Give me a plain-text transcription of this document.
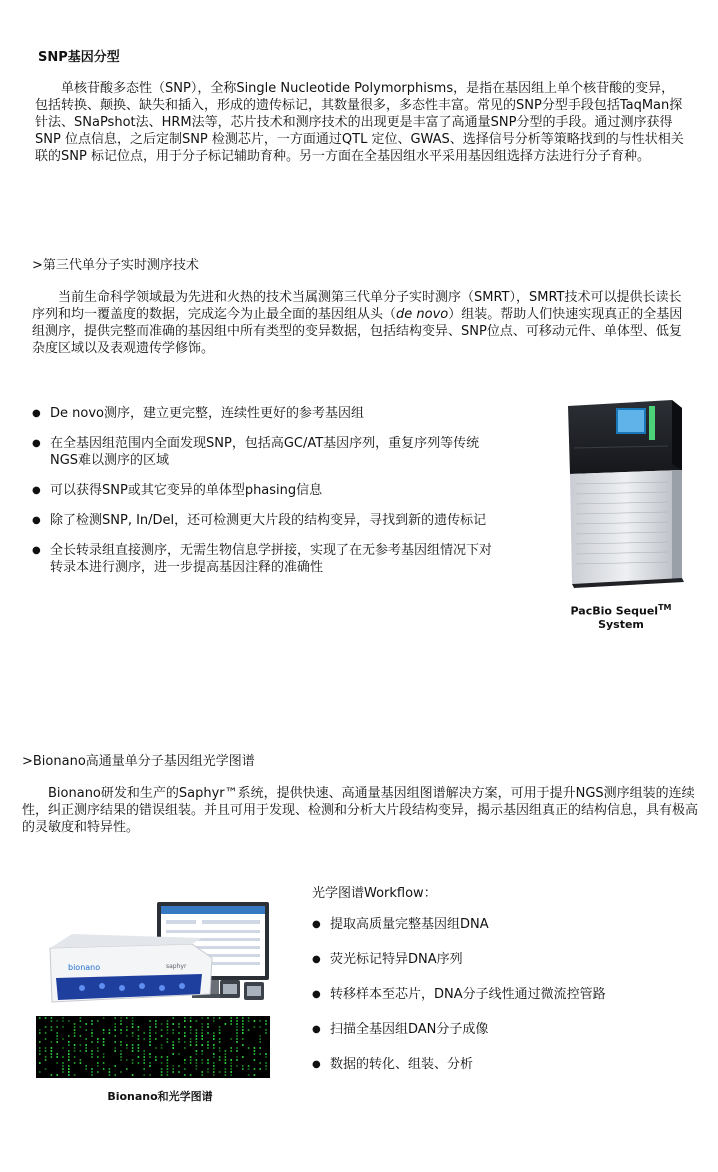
SNP基因分型
单核苷酸多态性（SNP），全称Single Nucleotide Polymorphisms，是指在基因组上单个核苷酸的变异，包括转换、颠换、缺失和插入，形成的遗传标记，其数量很多，多态性丰富。常见的SNP分型手段包括TaqMan探针法、SNaPshot法、HRM法等，芯片技术和测序技术的出现更是丰富了高通量SNP分型的手段。通过测序获得SNP 位点信息，之后定制SNP 检测芯片，一方面通过QTL 定位、GWAS、选择信号分析等策略找到的与性状相关联的SNP 标记位点，用于分子标记辅助育种。另一方面在全基因组水平采用基因组选择方法进行分子育种。
>第三代单分子实时测序技术
当前生命科学领域最为先进和火热的技术当属测第三代单分子实时测序（SMRT），SMRT技术可以提供长读长序列和均一覆盖度的数据，完成迄今为止最全面的基因组从头（de novo）组装。帮助人们快速实现真正的全基因组测序，提供完整而准确的基因组中所有类型的变异数据，包括结构变异、SNP位点、可移动元件、单体型、低复杂度区域以及表观遗传学修饰。
● De novo测序，建立更完整，连续性更好的参考基因组
● 在全基因组范围内全面发现SNP，包括高GC/AT基因序列，重复序列等传统NGS难以测序的区域
● 可以获得SNP或其它变异的单体型phasing信息
● 除了检测SNP, In/Del，还可检测更大片段的结构变异，寻找到新的遗传标记
● 全长转录组直接测序，无需生物信息学拼接，实现了在无参考基因组情况下对转录本进行测序，进一步提高基因注释的准确性
PacBio Sequel™ System
>Bionano高通量单分子基因组光学图谱
Bionano研发和生产的Saphyr™系统，提供快速、高通量基因组图谱解决方案，可用于提升NGS测序组装的连续性，纠正测序结果的错误组装。并且可用于发现、检测和分析大片段结构变异，揭示基因组真正的结构信息，具有极高的灵敏度和特异性。
bionano	saphyr
Bionano和光学图谱
光学图谱Workflow：
● 提取高质量完整基因组DNA
● 荧光标记特异DNA序列
● 转移样本至芯片，DNA分子线性通过微流控管路
● 扫描全基因组DAN分子成像
● 数据的转化、组装、分析
